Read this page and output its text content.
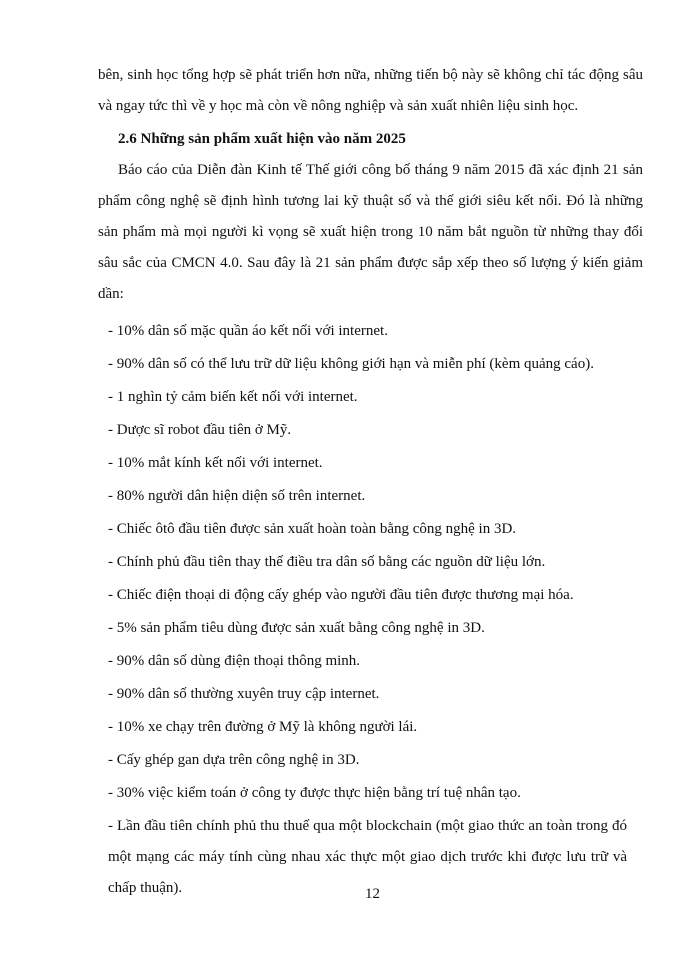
bên, sinh học tổng hợp sẽ phát triển hơn nữa, những tiến bộ này sẽ không chỉ tác động sâu và ngay tức thì về y học mà còn về nông nghiệp và sản xuất nhiên liệu sinh học.

2.6 Những sản phẩm xuất hiện vào năm 2025

Báo cáo của Diễn đàn Kinh tế Thế giới công bố tháng 9 năm 2015 đã xác định 21 sản phẩm công nghệ sẽ định hình tương lai kỹ thuật số và thế giới siêu kết nối. Đó là những sản phẩm mà mọi người kì vọng sẽ xuất hiện trong 10 năm bắt nguồn từ những thay đổi sâu sắc của CMCN 4.0. Sau đây là 21 sản phẩm được sắp xếp theo số lượng ý kiến giảm dần:

- 10% dân số mặc quần áo kết nối với internet.
- 90% dân số có thể lưu trữ dữ liệu không giới hạn và miễn phí (kèm quảng cáo).
- 1 nghìn tỷ cảm biến kết nối với internet.
- Dược sĩ robot đầu tiên ở Mỹ.
- 10% mắt kính kết nối với internet.
- 80% người dân hiện diện số trên internet.
- Chiếc ôtô đầu tiên được sản xuất hoàn toàn bằng công nghệ in 3D.
- Chính phủ đầu tiên thay thế điều tra dân số bằng các nguồn dữ liệu lớn.
- Chiếc điện thoại di động cấy ghép vào người đầu tiên được thương mại hóa.
- 5% sản phẩm tiêu dùng được sản xuất bằng công nghệ in 3D.
- 90% dân số dùng điện thoại thông minh.
- 90% dân số thường xuyên truy cập internet.
- 10% xe chạy trên đường ở Mỹ là không người lái.
- Cấy ghép gan dựa trên công nghệ in 3D.
- 30% việc kiểm toán ở công ty được thực hiện bằng trí tuệ nhân tạo.
- Lần đầu tiên chính phủ thu thuế qua một blockchain (một giao thức an toàn trong đó một mạng các máy tính cùng nhau xác thực một giao dịch trước khi được lưu trữ và chấp thuận).	12
